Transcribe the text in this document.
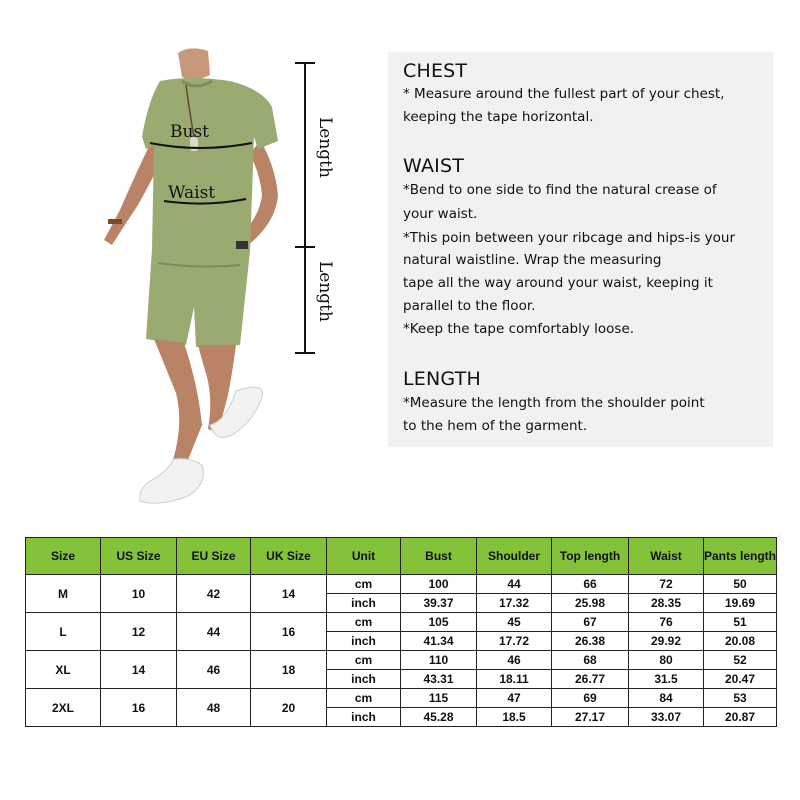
Bust
Waist
Length
Length
CHEST
* Measure around the fullest part of your chest,
keeping the tape horizontal.
WAIST
*Bend to one side to find the natural crease of
your waist.
*This poin between your ribcage and hips-is your
natural waistline. Wrap the measuring
tape all the way around your waist, keeping it
parallel to the floor.
*Keep the tape comfortably loose.
LENGTH
*Measure the length from the shoulder point
to the hem of the garment.
Size	US Size	EU Size	UK Size	Unit	Bust	Shoulder	Top length	Waist	Pants length
M	10	42	14	cm	100	44	66	72	50
				inch	39.37	17.32	25.98	28.35	19.69
L	12	44	16	cm	105	45	67	76	51
				inch	41.34	17.72	26.38	29.92	20.08
XL	14	46	18	cm	110	46	68	80	52
				inch	43.31	18.11	26.77	31.5	20.47
2XL	16	48	20	cm	115	47	69	84	53
				inch	45.28	18.5	27.17	33.07	20.87
